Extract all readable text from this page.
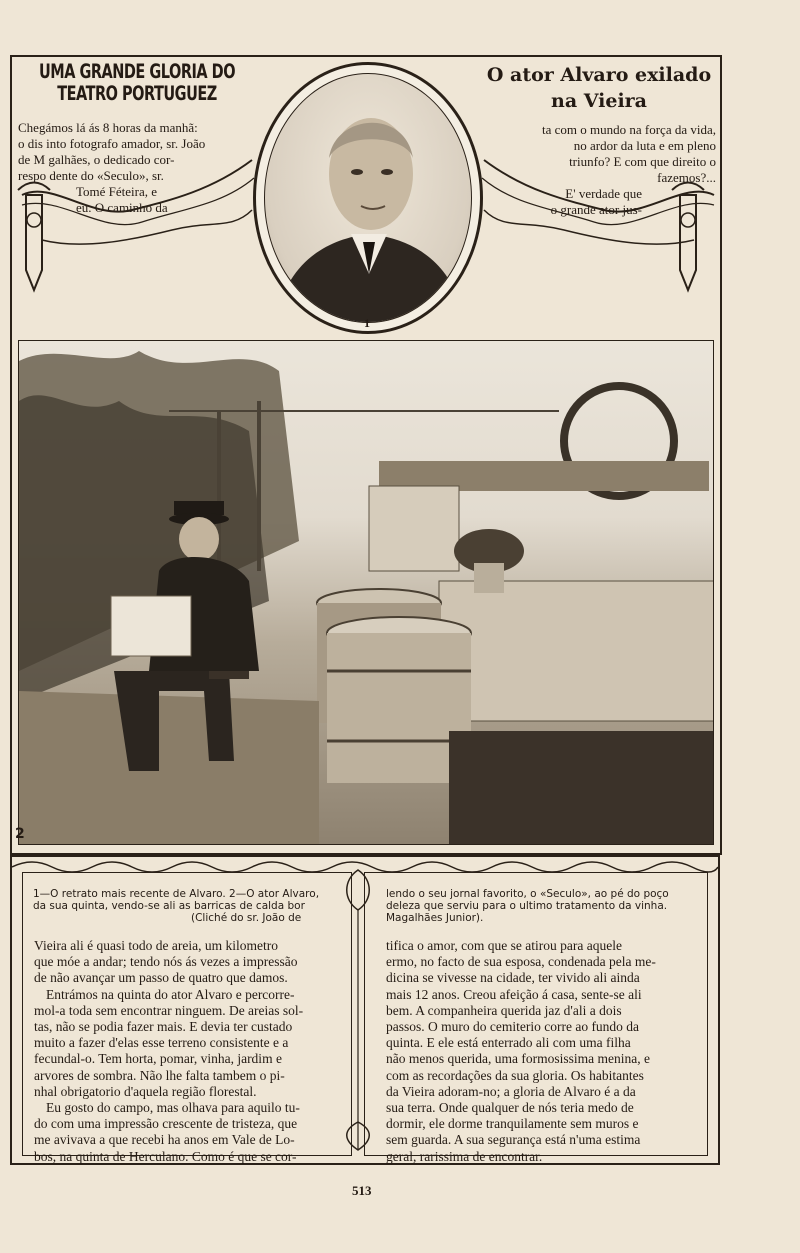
UMA GRANDE GLORIA DO TEATRO PORTUGUEZ
Chegámos lá ás 8 horas da manhã:
o dis into fotografo amador, sr. João
de M galhães, o dedicado cor-
respo dente do «Seculo», sr.
Tomé Féteira, e
eu. O caminho da
O ator Alvaro exilado
na Vieira
ta com o mundo na força da vida,
no ardor da luta e em pleno
triunfo? E com que direito o
fazemos?...
E' verdade que
o grande ator jus-
1
2
1—O retrato mais recente de Alvaro. 2—O ator Alvaro,
da sua quinta, vendo-se ali as barricas de calda bor
(Cliché do sr. João de
lendo o seu jornal favorito, o «Seculo», ao pé do poço
deleza que serviu para o ultimo tratamento da vinha.
Magalhães Junior).
Vieira ali é quasi todo de areia, um kilometro
que móe a andar; tendo nós ás vezes a impressão
de não avançar um passo de quatro que damos.
Entrámos na quinta do ator Alvaro e percorre-
mol-a toda sem encontrar ninguem. De areias sol-
tas, não se podia fazer mais. E devia ter custado
muito a fazer d'elas esse terreno consistente e a
fecundal-o. Tem horta, pomar, vinha, jardim e
arvores de sombra. Não lhe falta tambem o pi-
nhal obrigatorio d'aquela região florestal.
Eu gosto do campo, mas olhava para aquilo tu-
do com uma impressão crescente de tristeza, que
me avivava a que recebi ha anos em Vale de Lo-
bos, na quinta de Herculano. Como é que se cor-
tifica o amor, com que se atirou para aquele
ermo, no facto de sua esposa, condenada pela me-
dicina se vivesse na cidade, ter vivido ali ainda
mais 12 anos. Creou afeição á casa, sente-se ali
bem. A companheira querida jaz d'ali a dois
passos. O muro do cemiterio corre ao fundo da
quinta. E ele está enterrado ali com uma filha
não menos querida, uma formosissima menina, e
com as recordações da sua gloria. Os habitantes
da Vieira adoram-no; a gloria de Alvaro é a da
sua terra. Onde qualquer de nós teria medo de
dormir, ele dorme tranquilamente sem muros e
sem guarda. A sua segurança está n'uma estima
geral, rarissima de encontrar.
513
